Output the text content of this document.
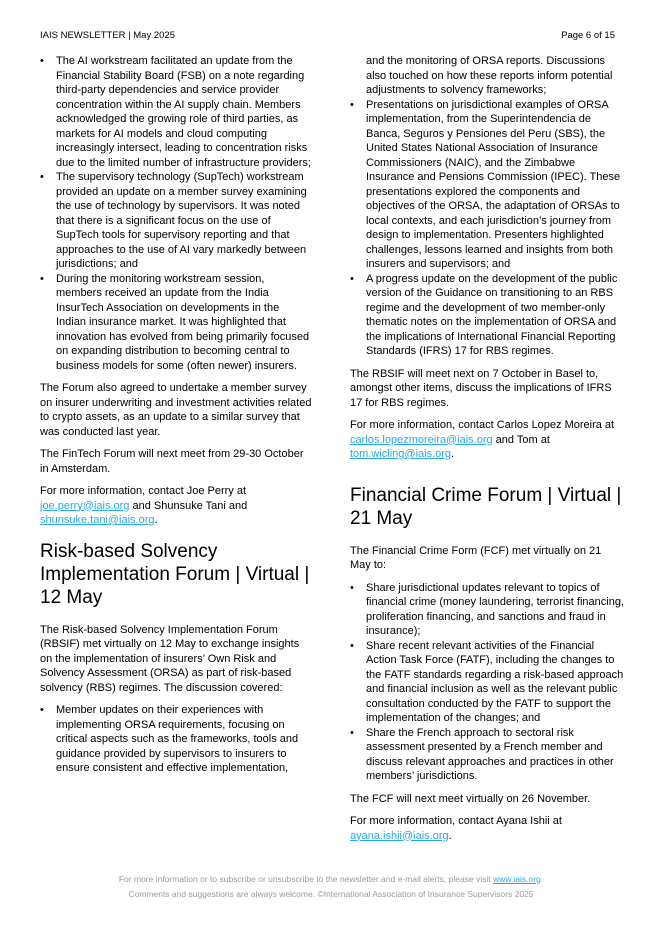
IAIS NEWSLETTER | May 2025	Page 6 of 15
• The AI workstream facilitated an update from the Financial Stability Board (FSB) on a note regarding third-party dependencies and service provider concentration within the AI supply chain. Members acknowledged the growing role of third parties, as markets for AI models and cloud computing increasingly intersect, leading to concentration risks due to the limited number of infrastructure providers;
• The supervisory technology (SupTech) workstream provided an update on a member survey examining the use of technology by supervisors. It was noted that there is a significant focus on the use of SupTech tools for supervisory reporting and that approaches to the use of AI vary markedly between jurisdictions; and
• During the monitoring workstream session, members received an update from the India InsurTech Association on developments in the Indian insurance market. It was highlighted that innovation has evolved from being primarily focused on expanding distribution to becoming central to business models for some (often newer) insurers.

The Forum also agreed to undertake a member survey on insurer underwriting and investment activities related to crypto assets, as an update to a similar survey that was conducted last year.

The FinTech Forum will next meet from 29-30 October in Amsterdam.

For more information, contact Joe Perry at
joe.perry@iais.org and Shunsuke Tani and
shunsuke.tani@iais.org.

Risk-based Solvency Implementation Forum | Virtual | 12 May

The Risk-based Solvency Implementation Forum (RBSIF) met virtually on 12 May to exchange insights on the implementation of insurers’ Own Risk and Solvency Assessment (ORSA) as part of risk-based solvency (RBS) regimes. The discussion covered:

• Member updates on their experiences with implementing ORSA requirements, focusing on critical aspects such as the frameworks, tools and guidance provided by supervisors to insurers to ensure consistent and effective implementation,
and the monitoring of ORSA reports. Discussions also touched on how these reports inform potential adjustments to solvency frameworks;
• Presentations on jurisdictional examples of ORSA implementation, from the Superintendencia de Banca, Seguros y Pensiones del Peru (SBS), the United States National Association of Insurance Commissioners (NAIC), and the Zimbabwe Insurance and Pensions Commission (IPEC). These presentations explored the components and objectives of the ORSA, the adaptation of ORSAs to local contexts, and each jurisdiction’s journey from design to implementation. Presenters highlighted challenges, lessons learned and insights from both insurers and supervisors; and
• A progress update on the development of the public version of the Guidance on transitioning to an RBS regime and the development of two member-only thematic notes on the implementation of ORSA and the implications of International Financial Reporting Standards (IFRS) 17 for RBS regimes.

The RBSIF will meet next on 7 October in Basel to, amongst other items, discuss the implications of IFRS 17 for RBS regimes.

For more information, contact Carlos Lopez Moreira at
carlos.lopezmoreira@iais.org and Tom at
tom.wicling@iais.org.

Financial Crime Forum | Virtual | 21 May

The Financial Crime Form (FCF) met virtually on 21 May to:

• Share jurisdictional updates relevant to topics of financial crime (money laundering, terrorist financing, proliferation financing, and sanctions and fraud in insurance);
• Share recent relevant activities of the Financial Action Task Force (FATF), including the changes to the FATF standards regarding a risk-based approach and financial inclusion as well as the relevant public consultation conducted by the FATF to support the implementation of the changes; and
• Share the French approach to sectoral risk assessment presented by a French member and discuss relevant approaches and practices in other members’ jurisdictions.

The FCF will next meet virtually on 26 November.

For more information, contact Ayana Ishii at
ayana.ishii@iais.org.

For more information or to subscribe or unsubscribe to the newsletter and e-mail alerts, please visit www.iais.org.
Comments and suggestions are always welcome. ©International Association of Insurance Supervisors 2025
